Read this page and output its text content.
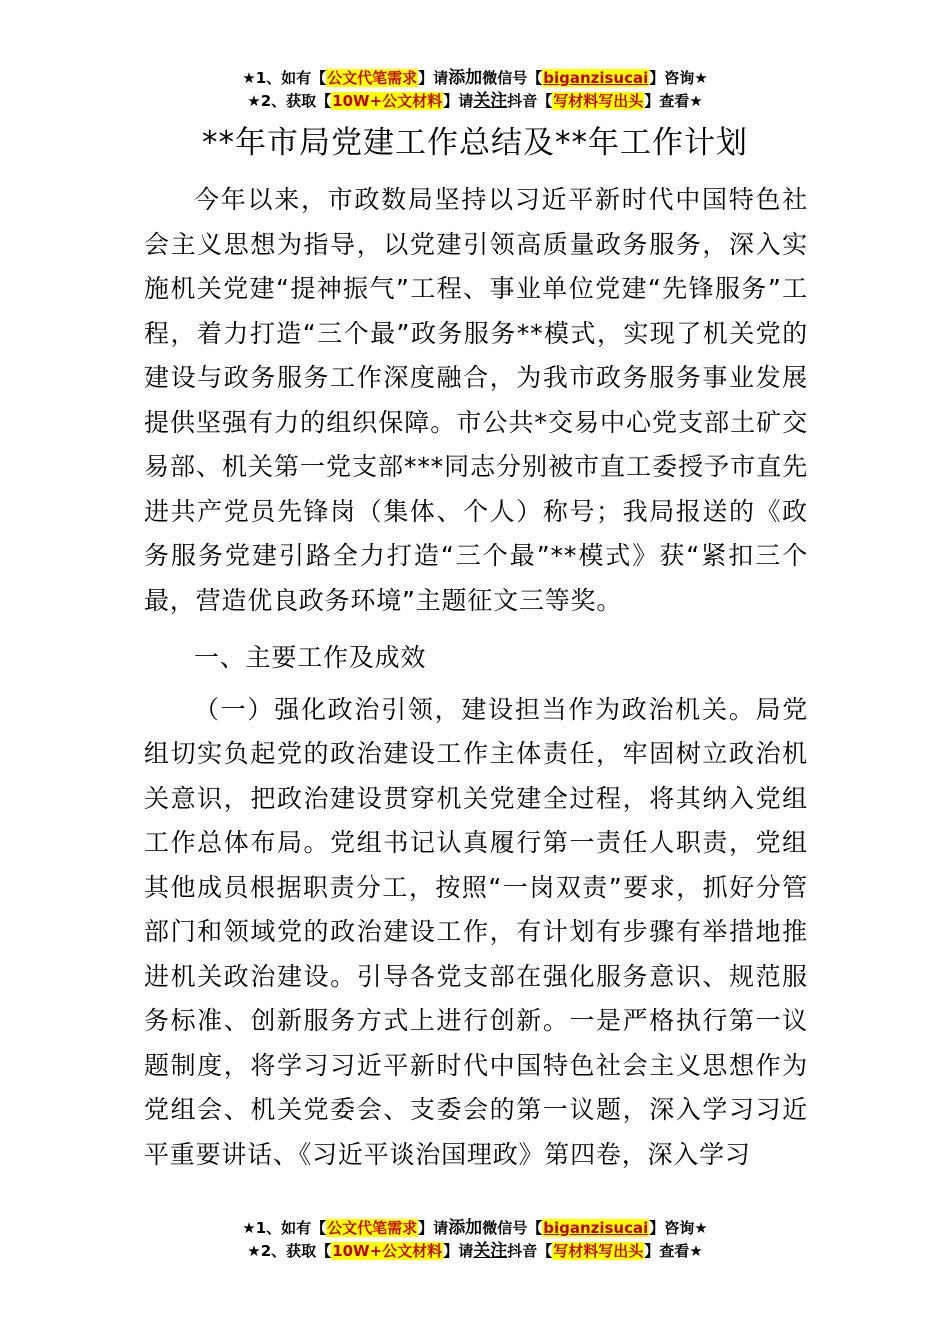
★1、如有【公文代笔需求】请添加微信号【biganzisucai】咨询★
★2、获取【10W+公文材料】请关注抖音【写材料写出头】查看★
**年市局党建工作总结及**年工作计划

今年以来，市政数局坚持以习近平新时代中国特色社会主义思想为指导，以党建引领高质量政务服务，深入实施机关党建“提神振气”工程、事业单位党建“先锋服务”工程，着力打造“三个最”政务服务**模式，实现了机关党的建设与政务服务工作深度融合，为我市政务服务事业发展提供坚强有力的组织保障。市公共*交易中心党支部土矿交易部、机关第一党支部***同志分别被市直工委授予市直先进共产党员先锋岗（集体、个人）称号；我局报送的《政务服务党建引路全力打造“三个最”**模式》获“紧扣三个最，营造优良政务环境”主题征文三等奖。

一、主要工作及成效

（一）强化政治引领，建设担当作为政治机关。局党组切实负起党的政治建设工作主体责任，牢固树立政治机关意识，把政治建设贯穿机关党建全过程，将其纳入党组工作总体布局。党组书记认真履行第一责任人职责，党组其他成员根据职责分工，按照“一岗双责”要求，抓好分管部门和领域党的政治建设工作，有计划有步骤有举措地推进机关政治建设。引导各党支部在强化服务意识、规范服务标准、创新服务方式上进行创新。一是严格执行第一议题制度，将学习习近平新时代中国特色社会主义思想作为党组会、机关党委会、支委会的第一议题，深入学习习近平重要讲话、《习近平谈治国理政》第四卷，深入学习

★1、如有【公文代笔需求】请添加微信号【biganzisucai】咨询★
★2、获取【10W+公文材料】请关注抖音【写材料写出头】查看★
